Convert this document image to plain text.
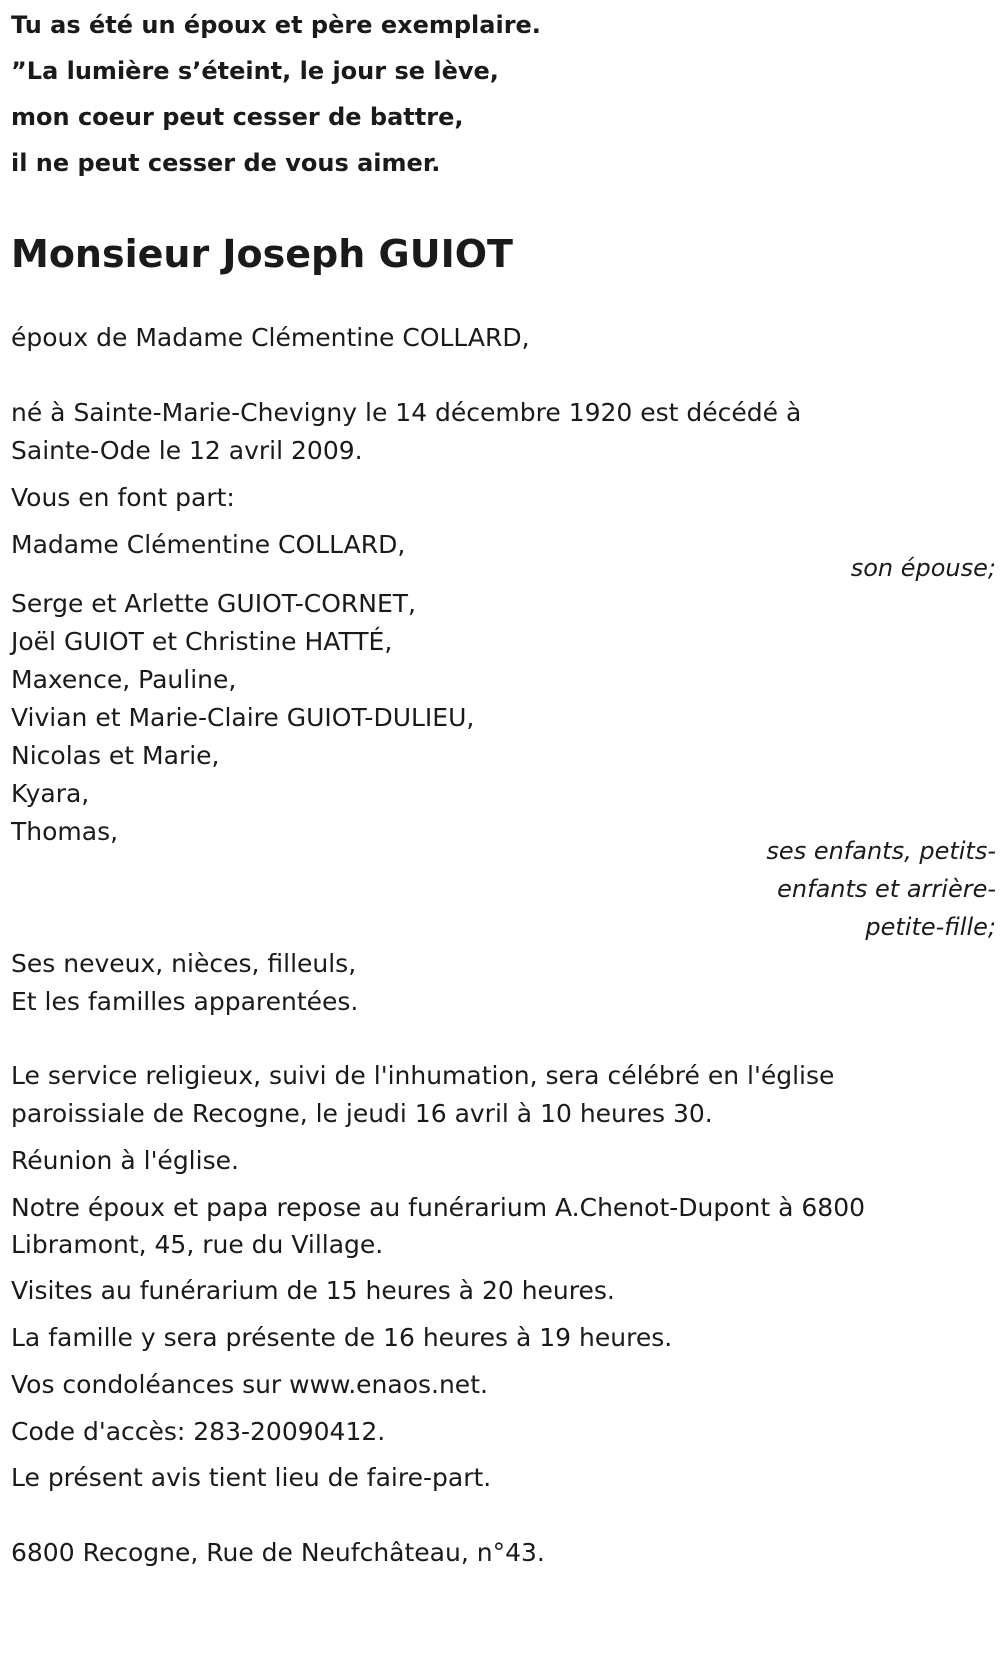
Tu as été un époux et père exemplaire.

”La lumière s’éteint, le jour se lève,

mon coeur peut cesser de battre,

il ne peut cesser de vous aimer.

Monsieur Joseph GUIOT

époux de Madame Clémentine COLLARD,

né à Sainte-Marie-Chevigny le 14 décembre 1920 est décédé à

Sainte-Ode le 12 avril 2009.

Vous en font part:

Madame Clémentine COLLARD,

son épouse;

Serge et Arlette GUIOT-CORNET,
Joël GUIOT et Christine HATTÉ,
Maxence, Pauline,
Vivian et Marie-Claire GUIOT-DULIEU,
Nicolas et Marie,
Kyara,
Thomas,
ses enfants, petits-
enfants et arrière-
petite-fille;
Ses neveux, nièces, filleuls,
Et les familles apparentées.

Le service religieux, suivi de l'inhumation, sera célébré en l'église

paroissiale de Recogne, le jeudi 16 avril à 10 heures 30.

Réunion à l'église.

Notre époux et papa repose au funérarium A.Chenot-Dupont à 6800

Libramont, 45, rue du Village.

Visites au funérarium de 15 heures à 20 heures.

La famille y sera présente de 16 heures à 19 heures.

Vos condoléances sur www.enaos.net.

Code d'accès: 283-20090412.

Le présent avis tient lieu de faire-part.

6800 Recogne, Rue de Neufchâteau, n°43.
